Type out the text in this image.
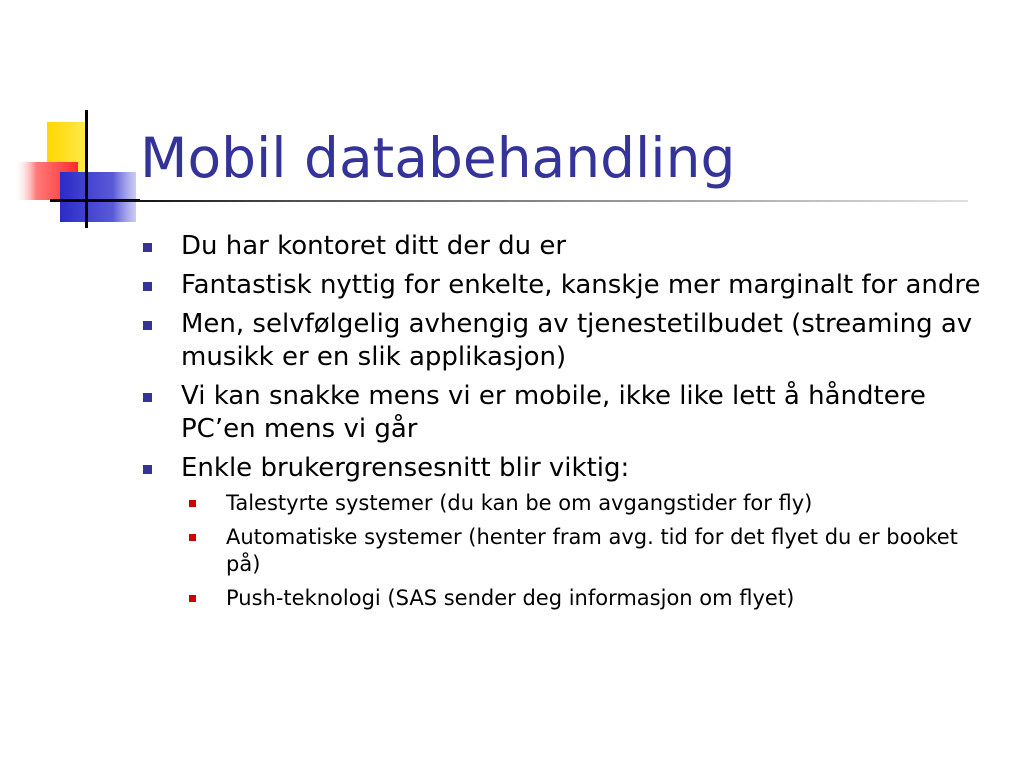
Mobil databehandling
Du har kontoret ditt der du er
Fantastisk nyttig for enkelte, kanskje mer marginalt for andre
Men, selvfølgelig avhengig av tjenestetilbudet (streaming av musikk er en slik applikasjon)
Vi kan snakke mens vi er mobile, ikke like lett å håndtere PC’en mens vi går
Enkle brukergrensesnitt blir viktig:
Talestyrte systemer (du kan be om avgangstider for fly)
Automatiske systemer (henter fram avg. tid for det flyet du er booket på)
Push-teknologi (SAS sender deg informasjon om flyet)
